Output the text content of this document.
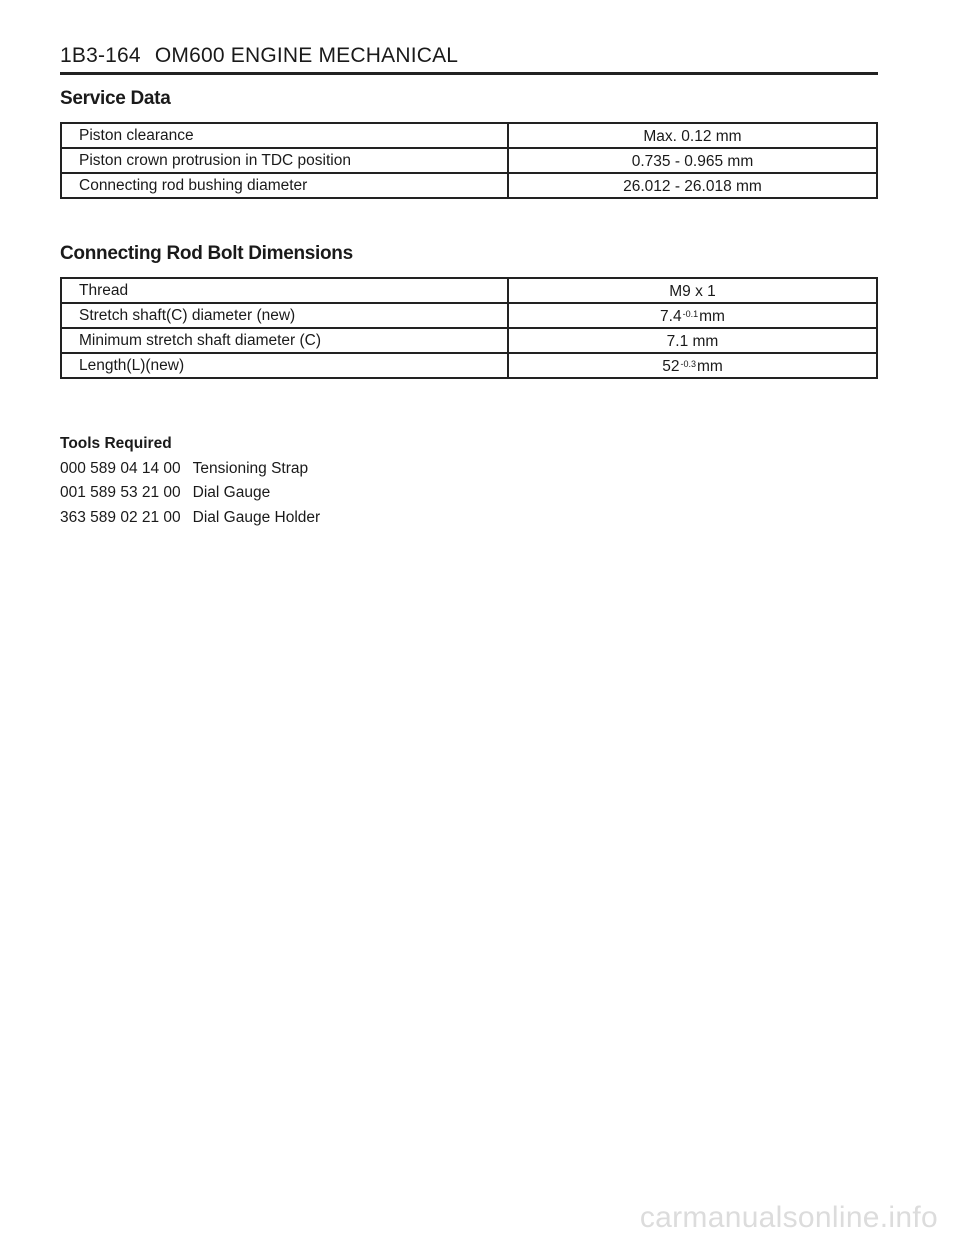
1B3-164 OM600 ENGINE MECHANICAL
Service Data
Piston clearance	Max. 0.12 mm
Piston crown protrusion in TDC position	0.735 - 0.965 mm
Connecting rod bushing diameter	26.012 - 26.018 mm
Connecting Rod Bolt Dimensions
Thread	M9 x 1
Stretch shaft(C) diameter (new)	$7.4^{-0.1}mm$
Minimum stretch shaft diameter (C)	7.1 mm
Length(L)(new)	$52^{-0.3}mm$
Tools Required
000 589 04 14 00 Tensioning Strap
001 589 53 21 00 Dial Gauge
363 589 02 21 00 Dial Gauge Holder
carmanualsonline.info
